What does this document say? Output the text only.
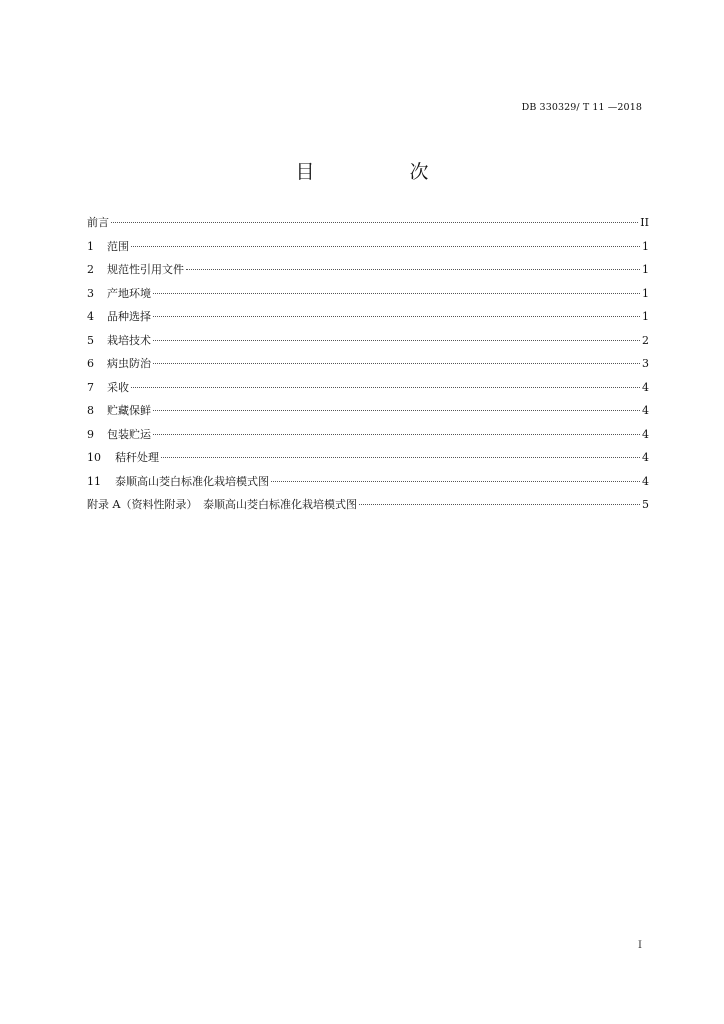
DB 330329/ T 11 —2018
目　次
前言	II
1	范围	1
2	规范性引用文件	1
3	产地环境	1
4	品种选择	1
5	栽培技术	2
6	病虫防治	3
7	采收	4
8	贮藏保鲜	4
9	包装贮运	4
10	秸秆处理	4
11	泰顺高山茭白标准化栽培模式图	4
附录 A（资料性附录）　泰顺高山茭白标准化栽培模式图	5
I
